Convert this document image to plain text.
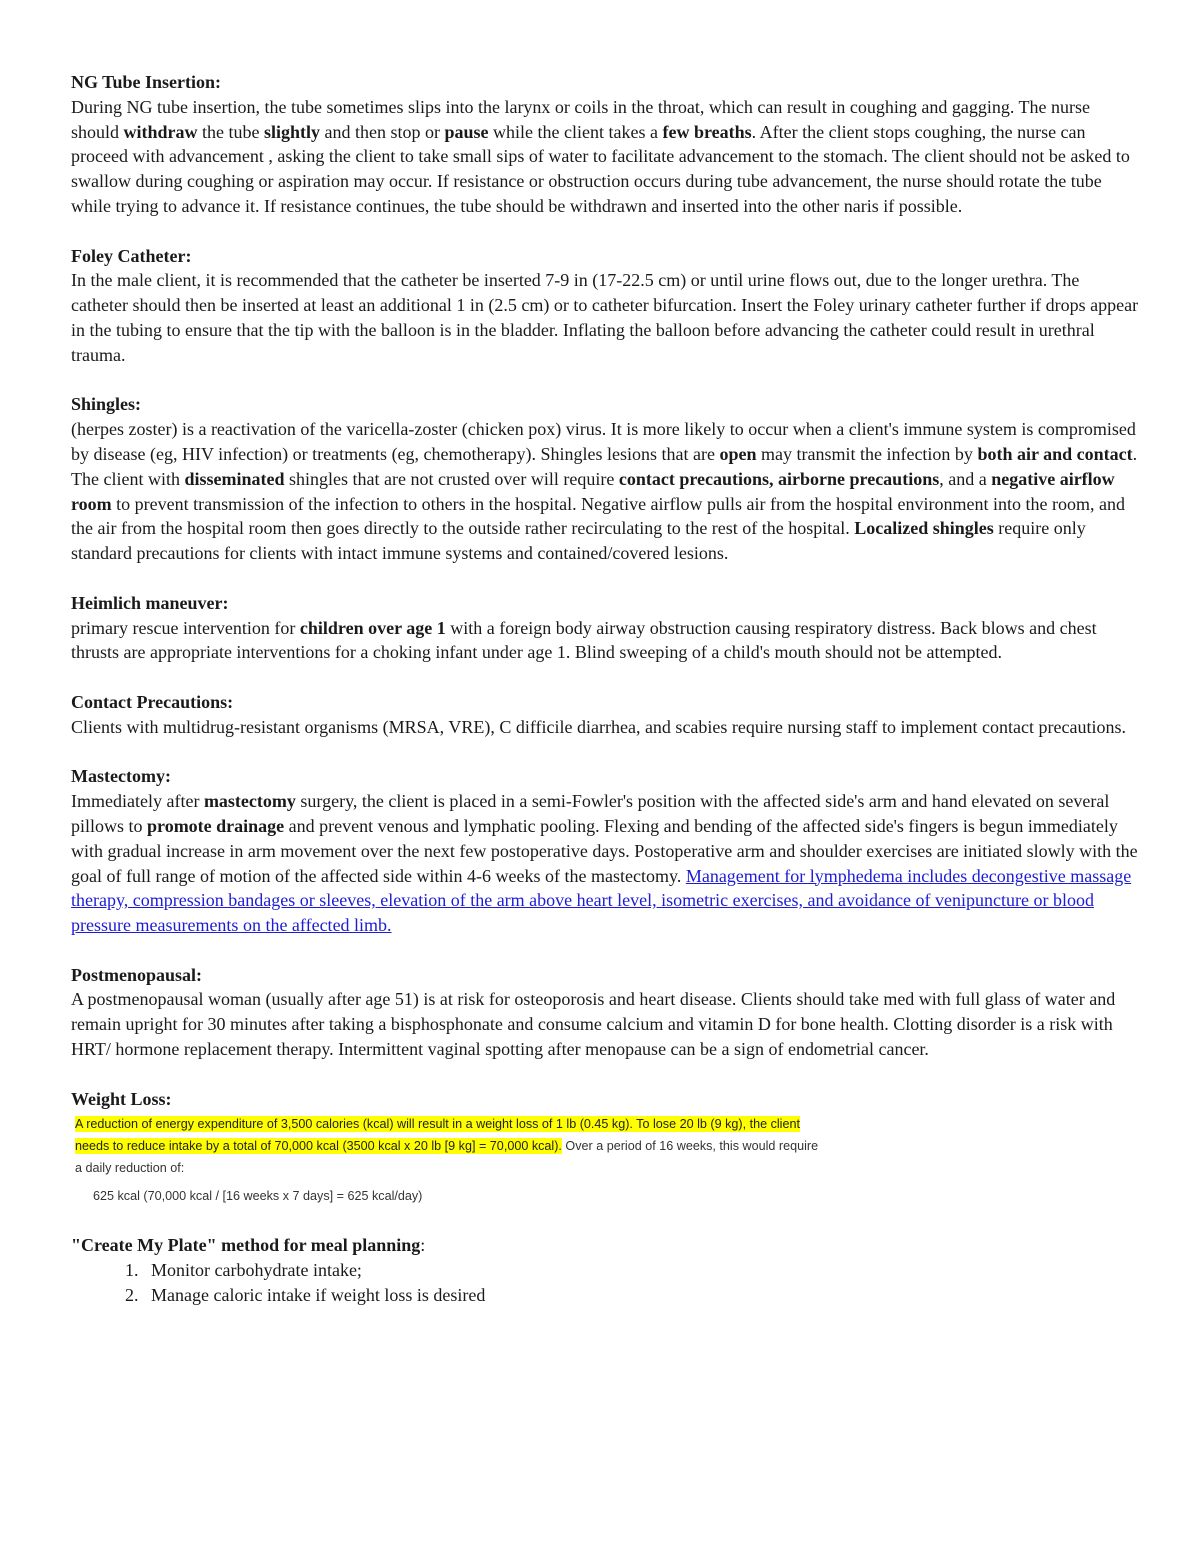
NG Tube Insertion:

During NG tube insertion, the tube sometimes slips into the larynx or coils in the throat, which can result in coughing and gagging. The nurse should withdraw the tube slightly and then stop or pause while the client takes a few breaths. After the client stops coughing, the nurse can proceed with advancement , asking the client to take small sips of water to facilitate advancement to the stomach. The client should not be asked to swallow during coughing or aspiration may occur. If resistance or obstruction occurs during tube advancement, the nurse should rotate the tube while trying to advance it. If resistance continues, the tube should be withdrawn and inserted into the other naris if possible.

Foley Catheter:

In the male client, it is recommended that the catheter be inserted 7-9 in (17-22.5 cm) or until urine flows out, due to the longer urethra. The catheter should then be inserted at least an additional 1 in (2.5 cm) or to catheter bifurcation. Insert the Foley urinary catheter further if drops appear in the tubing to ensure that the tip with the balloon is in the bladder. Inflating the balloon before advancing the catheter could result in urethral trauma.

Shingles:

(herpes zoster) is a reactivation of the varicella-zoster (chicken pox) virus. It is more likely to occur when a client's immune system is compromised by disease (eg, HIV infection) or treatments (eg, chemotherapy). Shingles lesions that are open may transmit the infection by both air and contact. The client with disseminated shingles that are not crusted over will require contact precautions, airborne precautions, and a negative airflow room to prevent transmission of the infection to others in the hospital. Negative airflow pulls air from the hospital environment into the room, and the air from the hospital room then goes directly to the outside rather recirculating to the rest of the hospital. Localized shingles require only standard precautions for clients with intact immune systems and contained/covered lesions.

Heimlich maneuver:

primary rescue intervention for children over age 1 with a foreign body airway obstruction causing respiratory distress. Back blows and chest thrusts are appropriate interventions for a choking infant under age 1. Blind sweeping of a child's mouth should not be attempted.

Contact Precautions:

Clients with multidrug-resistant organisms (MRSA, VRE), C difficile diarrhea, and scabies require nursing staff to implement contact precautions.

Mastectomy:

Immediately after mastectomy surgery, the client is placed in a semi-Fowler's position with the affected side's arm and hand elevated on several pillows to promote drainage and prevent venous and lymphatic pooling. Flexing and bending of the affected side's fingers is begun immediately with gradual increase in arm movement over the next few postoperative days. Postoperative arm and shoulder exercises are initiated slowly with the goal of full range of motion of the affected side within 4-6 weeks of the mastectomy. Management for lymphedema includes decongestive massage therapy, compression bandages or sleeves, elevation of the arm above heart level, isometric exercises, and avoidance of venipuncture or blood pressure measurements on the affected limb.

Postmenopausal:

A postmenopausal woman (usually after age 51) is at risk for osteoporosis and heart disease. Clients should take med with full glass of water and remain upright for 30 minutes after taking a bisphosphonate and consume calcium and vitamin D for bone health. Clotting disorder is a risk with HRT/ hormone replacement therapy. Intermittent vaginal spotting after menopause can be a sign of endometrial cancer.

Weight Loss:

A reduction of energy expenditure of 3,500 calories (kcal) will result in a weight loss of 1 lb (0.45 kg). To lose 20 lb (9 kg), the client
needs to reduce intake by a total of 70,000 kcal (3500 kcal x 20 lb [9 kg] = 70,000 kcal). Over a period of 16 weeks, this would require
a daily reduction of:
625 kcal (70,000 kcal / [16 weeks x 7 days] = 625 kcal/day)

"Create My Plate" method for meal planning:

1. Monitor carbohydrate intake;
2. Manage caloric intake if weight loss is desired
